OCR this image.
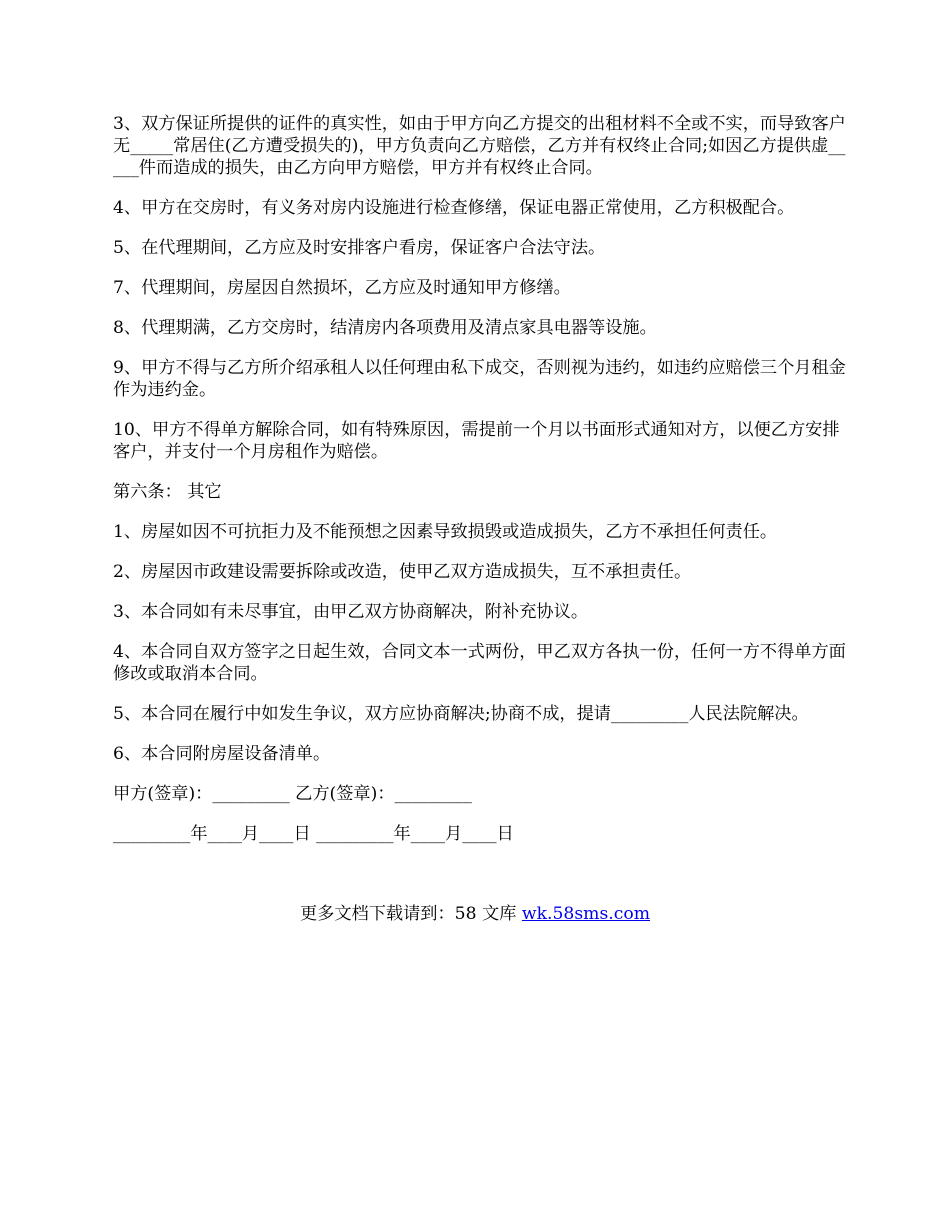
3、双方保证所提供的证件的真实性，如由于甲方向乙方提交的出租材料不全或不实，而导致客户无_____常居住(乙方遭受损失的)，甲方负责向乙方赔偿，乙方并有权终止合同;如因乙方提供虚_____件而造成的损失，由乙方向甲方赔偿，甲方并有权终止合同。

4、甲方在交房时，有义务对房内设施进行检查修缮，保证电器正常使用，乙方积极配合。

5、在代理期间，乙方应及时安排客户看房，保证客户合法守法。

7、代理期间，房屋因自然损坏，乙方应及时通知甲方修缮。

8、代理期满，乙方交房时，结清房内各项费用及清点家具电器等设施。

9、甲方不得与乙方所介绍承租人以任何理由私下成交，否则视为违约，如违约应赔偿三个月租金作为违约金。

10、甲方不得单方解除合同，如有特殊原因，需提前一个月以书面形式通知对方，以便乙方安排客户，并支付一个月房租作为赔偿。

第六条： 其它

1、房屋如因不可抗拒力及不能预想之因素导致损毁或造成损失，乙方不承担任何责任。

2、房屋因市政建设需要拆除或改造，使甲乙双方造成损失，互不承担责任。

3、本合同如有未尽事宜，由甲乙双方协商解决，附补充协议。

4、本合同自双方签字之日起生效，合同文本一式两份，甲乙双方各执一份，任何一方不得单方面修改或取消本合同。

5、本合同在履行中如发生争议，双方应协商解决;协商不成，提请_________人民法院解决。

6、本合同附房屋设备清单。

甲方(签章)：_________ 乙方(签章)：_________

_________年____月____日 _________年____月____日

更多文档下载请到：58 文库 wk.58sms.com
